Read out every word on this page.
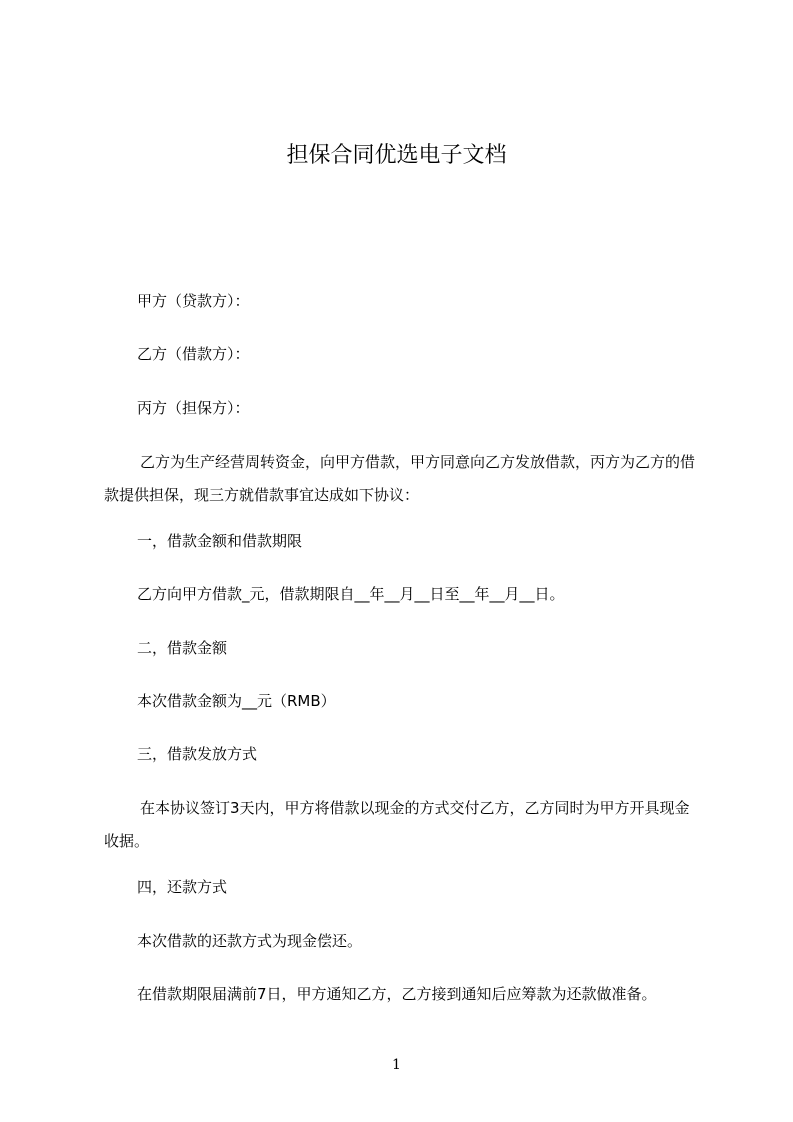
担保合同优选电子文档
甲方（贷款方）：
乙方（借款方）：
丙方（担保方）：
乙方为生产经营周转资金，向甲方借款，甲方同意向乙方发放借款，丙方为乙方的借款提供担保，现三方就借款事宜达成如下协议：
一，借款金额和借款期限
乙方向甲方借款_元，借款期限自__年__月__日至__年__月__日。
二，借款金额
本次借款金额为__元（RMB）
三，借款发放方式
在本协议签订3天内，甲方将借款以现金的方式交付乙方，乙方同时为甲方开具现金收据。
四，还款方式
本次借款的还款方式为现金偿还。
在借款期限届满前7日，甲方通知乙方，乙方接到通知后应筹款为还款做准备。
1
